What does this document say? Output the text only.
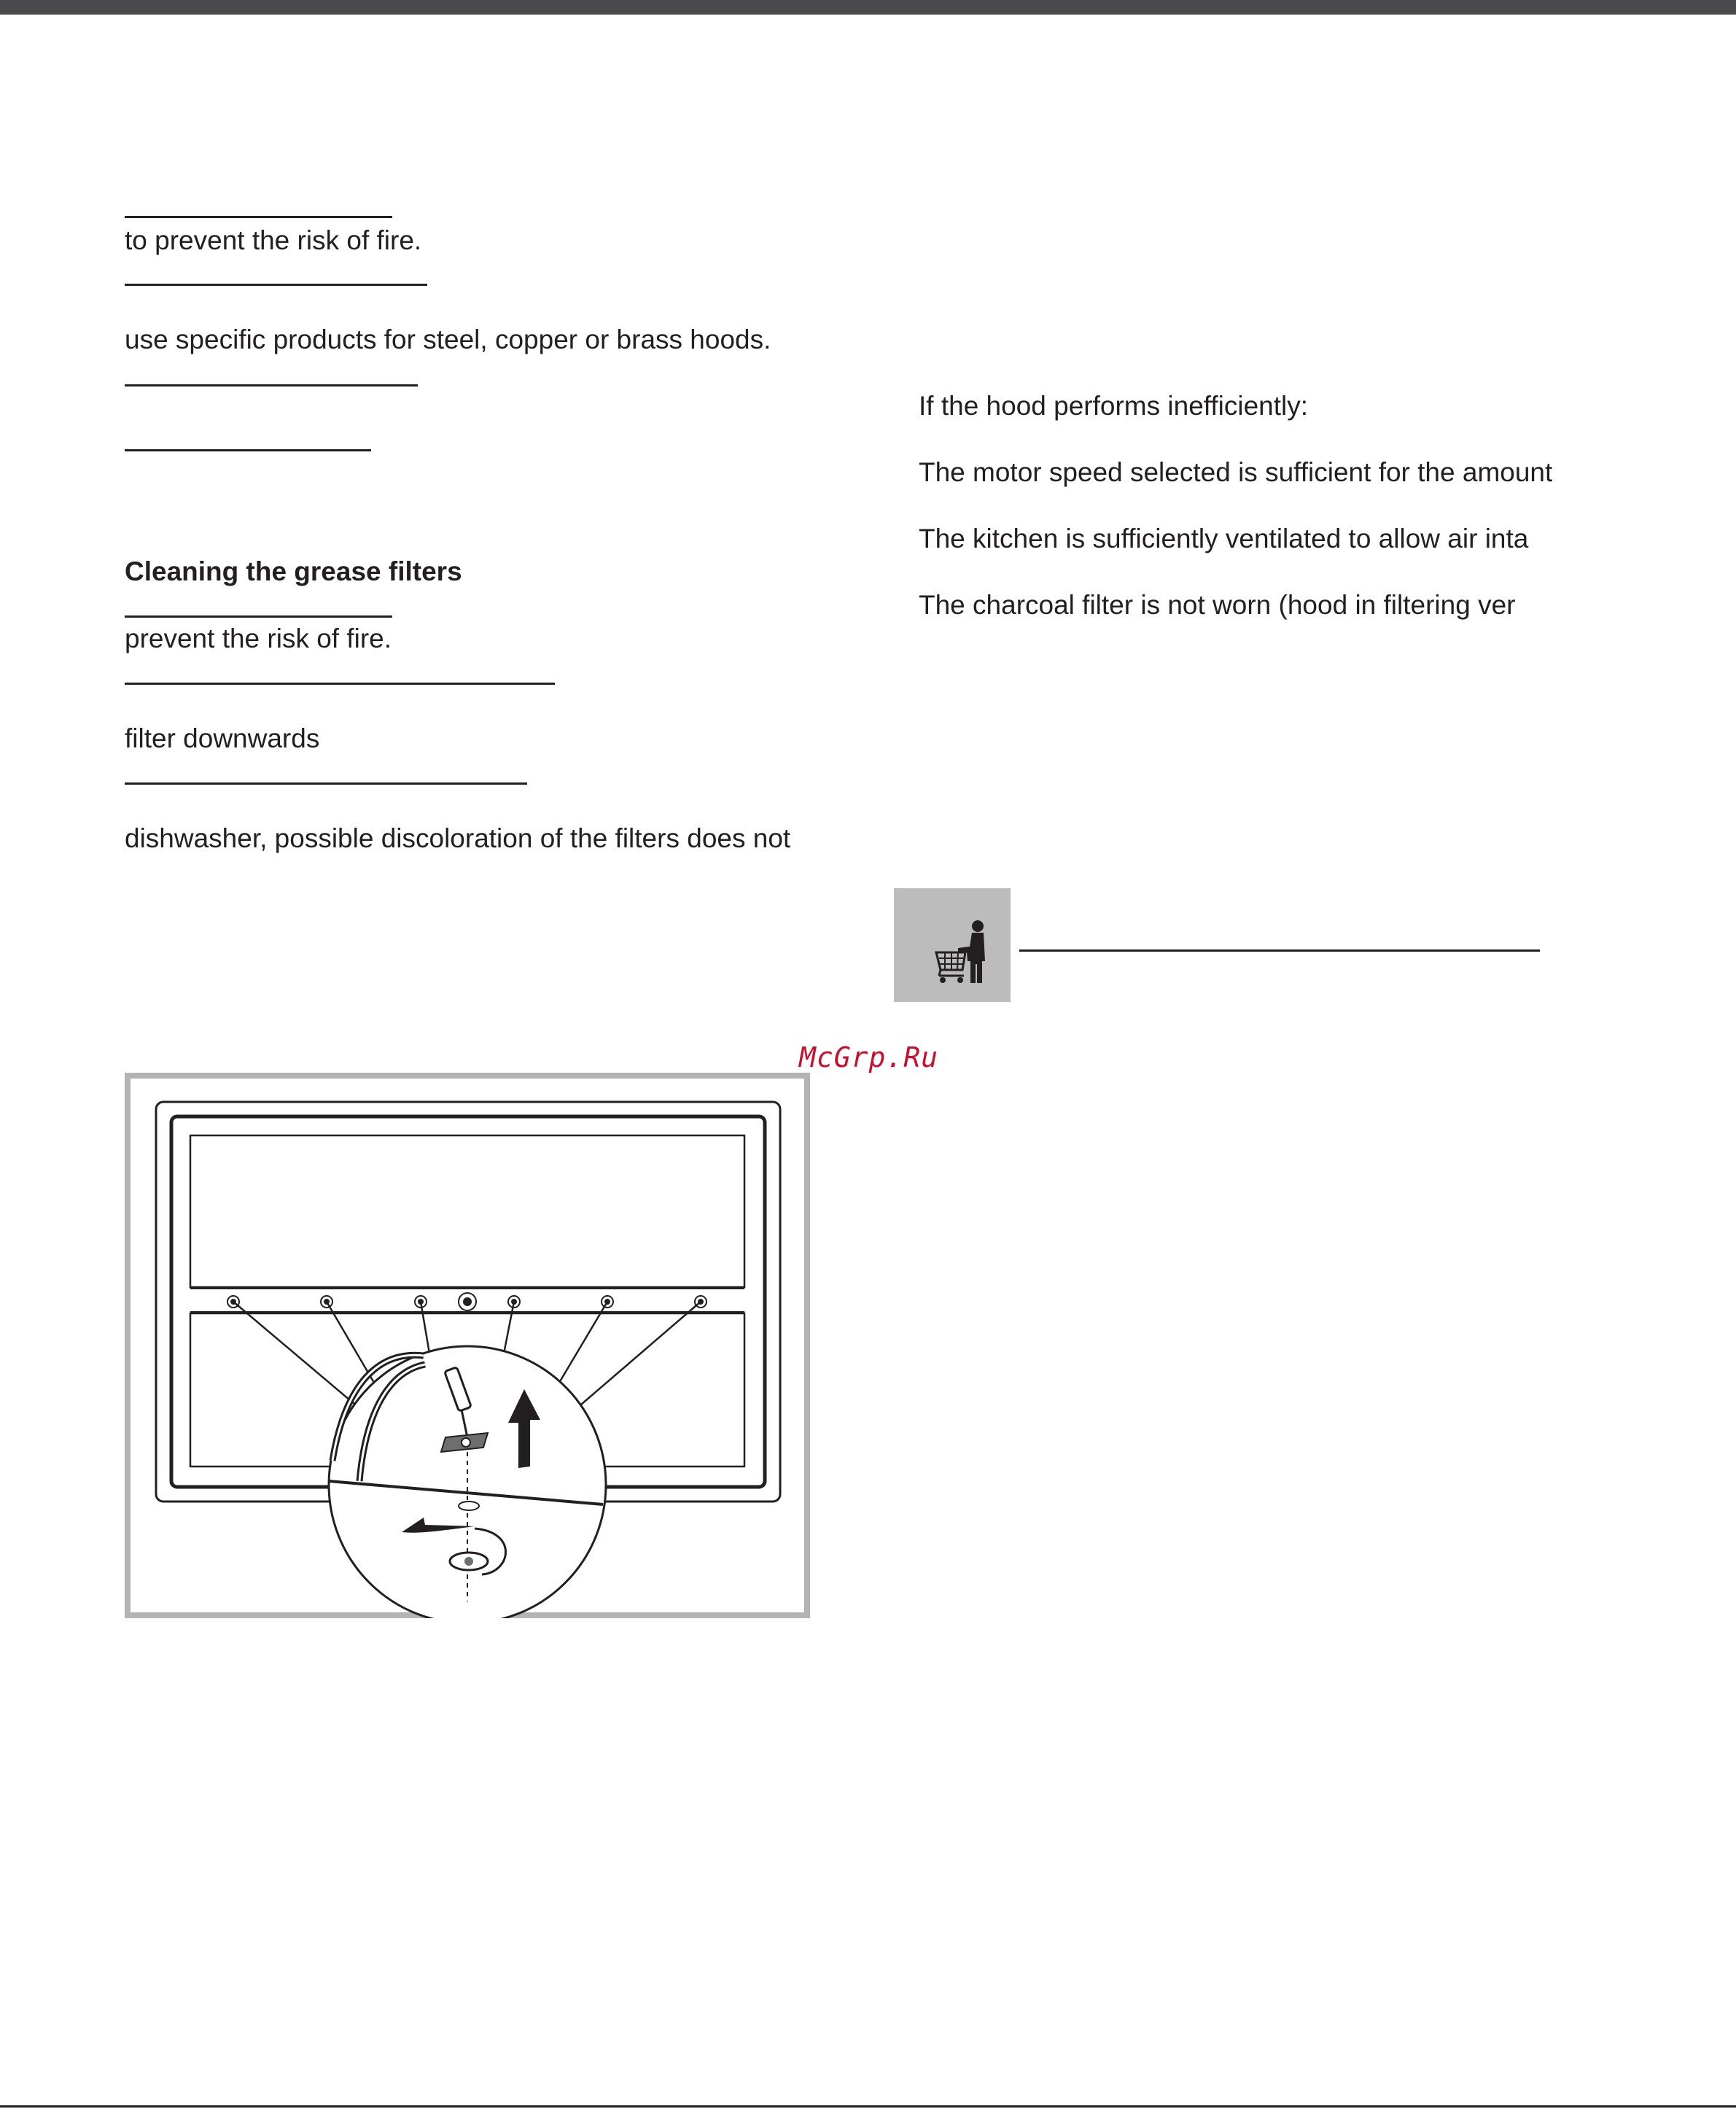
to prevent the risk of fire.
use specific products for steel, copper or brass hoods.
Cleaning the grease filters
prevent the risk of fire.
filter downwards
dishwasher, possible discoloration of the filters does not
If the hood performs inefficiently:
The motor speed selected is sufficient for the amount
The kitchen is sufficiently ventilated to allow air inta
The charcoal filter is not worn (hood in filtering ver
McGrp.Ru
